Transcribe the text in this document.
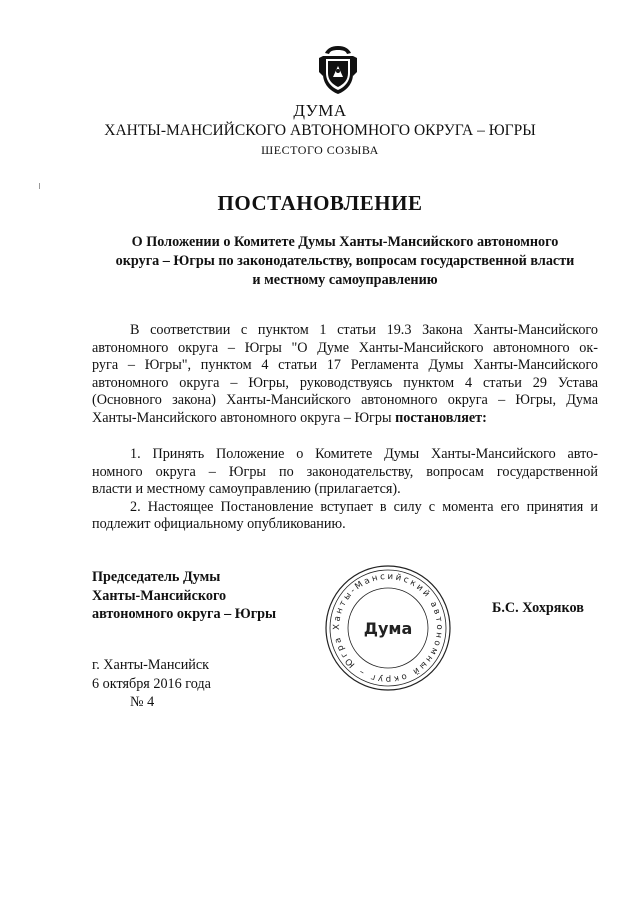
ДУМА
ХАНТЫ-МАНСИЙСКОГО АВТОНОМНОГО ОКРУГА – ЮГРЫ
ШЕСТОГО СОЗЫВА
ПОСТАНОВЛЕНИЕ
О Положении о Комитете Думы Ханты-Мансийского автономного
округа – Югры по законодательству, вопросам государственной власти
и местному самоуправлению
В соответствии с пунктом 1 статьи 19.3 Закона Ханты-Мансийского
автономного округа – Югры "О Думе Ханты-Мансийского автономного ок-
руга – Югры", пунктом 4 статьи 17 Регламента Думы Ханты-Мансийского
автономного округа – Югры, руководствуясь пунктом 4 статьи 29 Устава
(Основного закона) Ханты-Мансийского автономного округа – Югры, Дума
Ханты-Мансийского автономного округа – Югры постановляет:
1. Принять Положение о Комитете Думы Ханты-Мансийского авто-
номного округа – Югры по законодательству, вопросам государственной
власти и местному самоуправлению (прилагается).
2. Настоящее Постановление вступает в силу с момента его принятия и
подлежит официальному опубликованию.
Председатель Думы
Ханты-Мансийского
автономного округа – Югры
Ханты-Мансийский автономный округ – Югра
Дума
Б.С. Хохряков
г. Ханты-Мансийск
6 октября 2016 года
№ 4
